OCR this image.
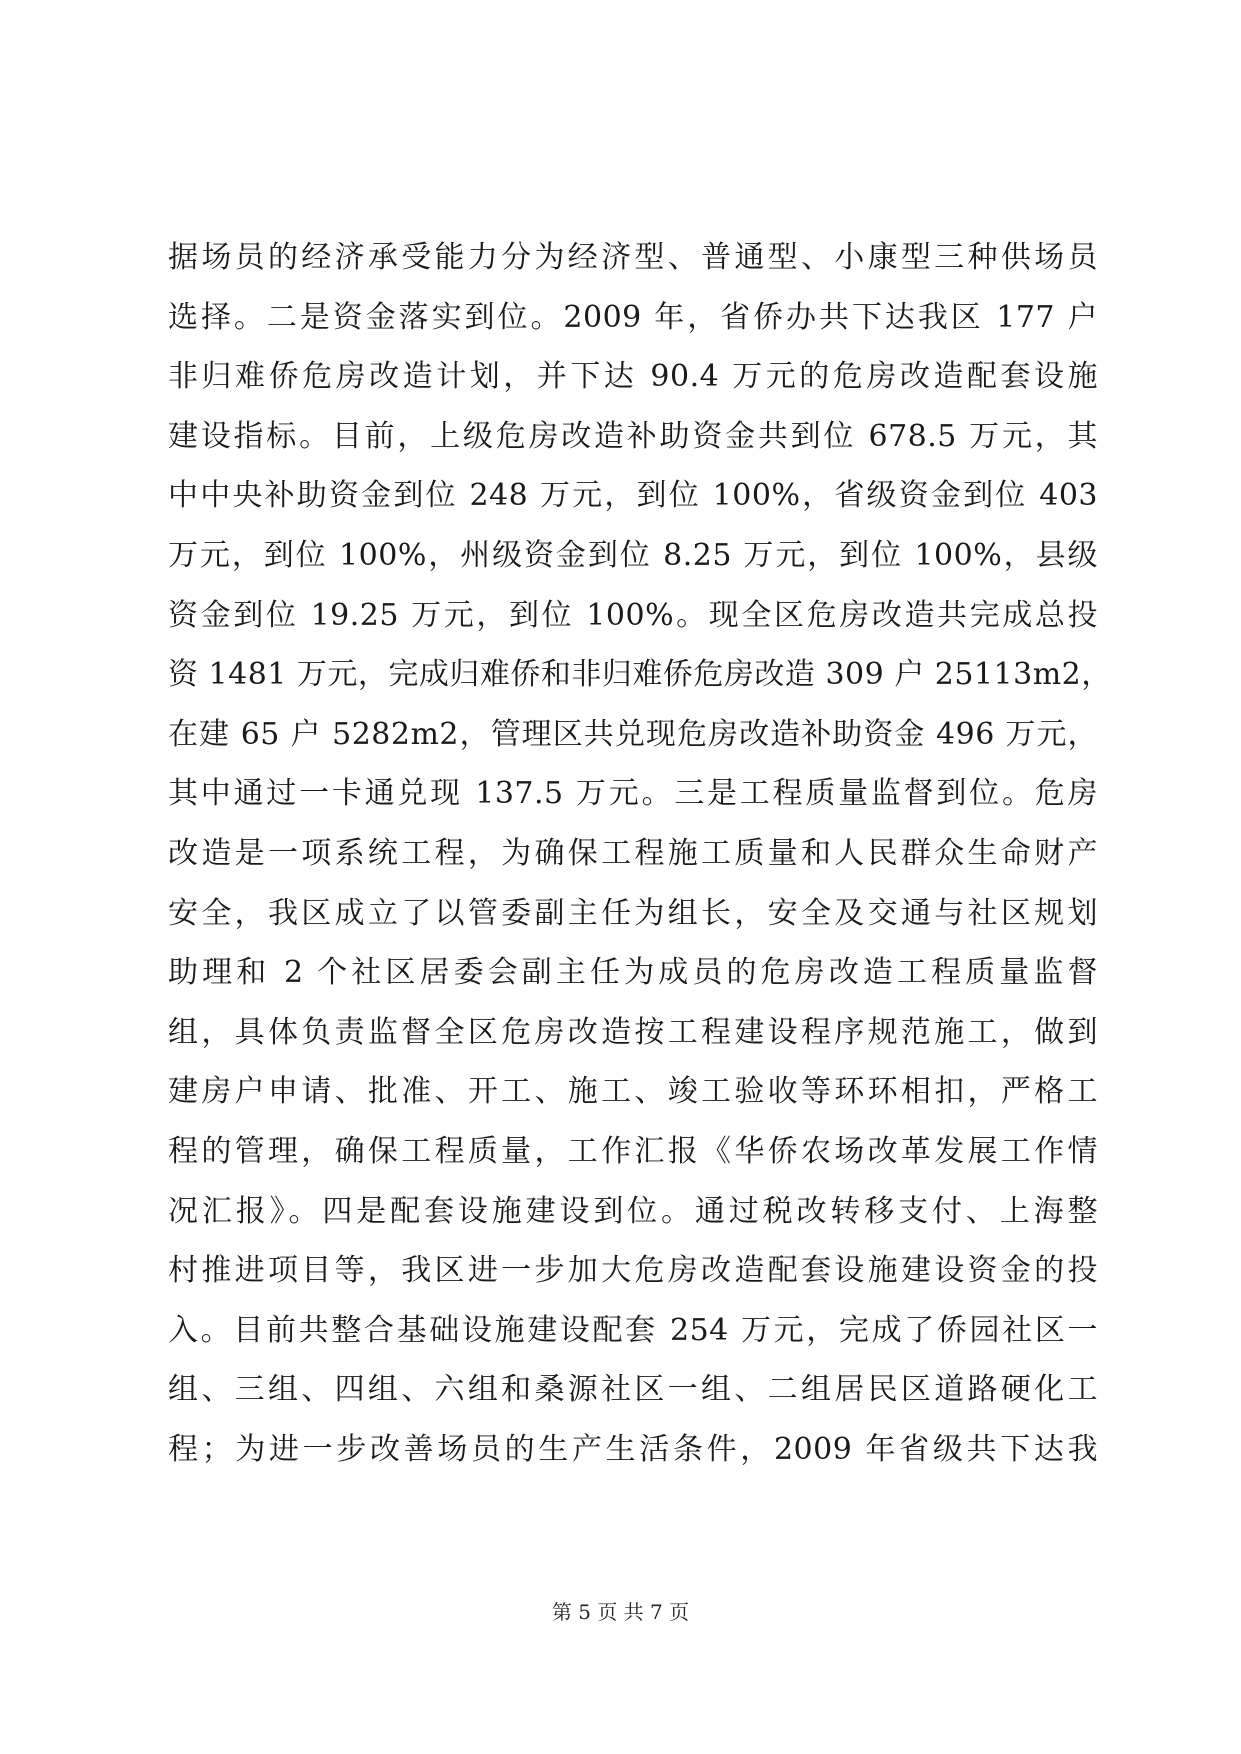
据场员的经济承受能力分为经济型、普通型、小康型三种供场员
选择。二是资金落实到位。2009 年，省侨办共下达我区 177 户
非归难侨危房改造计划，并下达 90.4 万元的危房改造配套设施
建设指标。目前，上级危房改造补助资金共到位 678.5 万元，其
中中央补助资金到位 248 万元，到位 100%，省级资金到位 403
万元，到位 100%，州级资金到位 8.25 万元，到位 100%，县级
资金到位 19.25 万元，到位 100%。现全区危房改造共完成总投
资 1481 万元，完成归难侨和非归难侨危房改造 309 户 25113m2，
在建 65 户 5282m2，管理区共兑现危房改造补助资金 496 万元，
其中通过一卡通兑现 137.5 万元。三是工程质量监督到位。危房
改造是一项系统工程，为确保工程施工质量和人民群众生命财产
安全，我区成立了以管委副主任为组长，安全及交通与社区规划
助理和 2 个社区居委会副主任为成员的危房改造工程质量监督
组，具体负责监督全区危房改造按工程建设程序规范施工，做到
建房户申请、批准、开工、施工、竣工验收等环环相扣，严格工
程的管理，确保工程质量，工作汇报《华侨农场改革发展工作情
况汇报》。四是配套设施建设到位。通过税改转移支付、上海整
村推进项目等，我区进一步加大危房改造配套设施建设资金的投
入。目前共整合基础设施建设配套 254 万元，完成了侨园社区一
组、三组、四组、六组和桑源社区一组、二组居民区道路硬化工
程；为进一步改善场员的生产生活条件，2009 年省级共下达我
第 5 页 共 7 页
